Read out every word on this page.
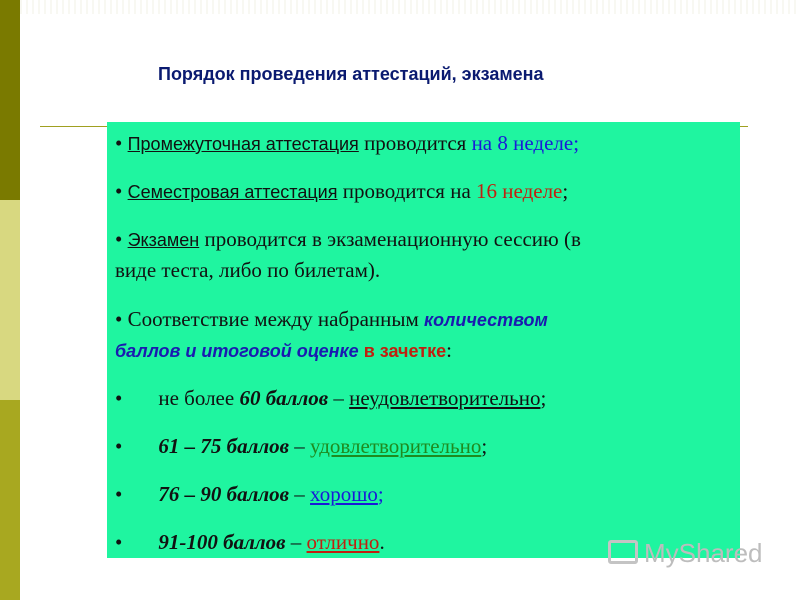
Порядок проведения аттестаций, экзамена
• Промежуточная аттестация проводится на 8 неделе;
• Семестровая аттестация проводится на 16 неделе;
• Экзамен проводится в экзаменационную сессию (в
виде теста, либо по билетам).
• Соответствие между набранным количеством
баллов и итоговой оценке в зачетке:
• не более 60 баллов – неудовлетворительно;
• 61 – 75 баллов – удовлетворительно;
• 76 – 90 баллов – хорошо;
• 91-100 баллов – отлично.	MyShared
